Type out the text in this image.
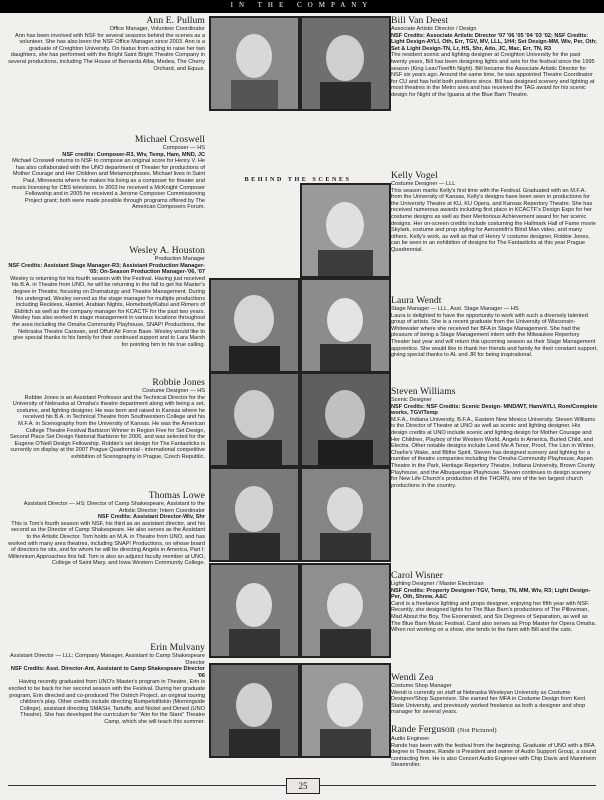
IN THE COMPANY
Ann E. Pullum
Office Manager, Volunteer Coordinator
Ann has been involved with NSF for several seasons behind the scenes as a volunteer. She has also been the NSF Office Manager since 2003. Ann is a graduate of Creighton University. On hiatus from acting to raise her two daughters, she has performed with the Bright Saint Bright Theatre Company in several productions, including The House of Bernarda Alba, Medea, The Cherry Orchard, and Equus.
Michael Croswell
Composer — HS
NSF credits: Composer-R3, Wiv, Temp, Ham, MND, JC
Michael Croswell returns to NSF to compose an original score for Henry V. He has also collaborated with the UNO department of Theater for productions of Mother Courage and Her Children and Metamorphoses. Michael lives in Saint Paul, Minnesota where he makes his living as a composer for theater and music licensing for CBS television. In 2003 he received a McKnight Composer Fellowship and in 2005 he received a Jerome Composer Commissioning Project grant; both were made possible through programs offered by The American Composers Forum.
Wesley A. Houston
Production Manager
NSF Credits: Assistant Stage Manager-R3; Assistant Production Manager-'05; On-Season Production Manager-'06, '07
Wesley is returning for his fourth season with the Festival. Having just received his B.A. in Theatre from UNO, he will be returning in the fall to get his Master's degree in Theatre, focusing on Dramaturgy and Theatre Management. During his undergrad, Wesley served as the stage manager for multiple productions including Reckless, Hamlet, Arabian Nights, Homebody/Kabul and Rimers of Eldritch as well as the company manager for KCACTF for the past two years. Wesley has also worked in stage management in various locations throughout the area including the Omaha Community Playhouse, SNAP! Productions, the Nebraska Theatre Caravan, and Offutt Air Force Base. Wesley would like to give special thanks to his family for their continued support and to Lara Marsh for pointing him to his true calling.
Robbie Jones
Costume Designer — HS
Robbie Jones is an Assistant Professor and the Technical Director for the University of Nebraska at Omaha's theatre department along with being a set, costume, and lighting designer. He was born and raised in Kansas where he received his B.A. in Technical Theatre from Southwestern College and his M.F.A. in Scenography from the University of Kansas. He was the American College Theatre Festival Barbizon Winner in Region Five for Set Design, Second Place Set Design National Barbizon for 2006, and was selected for the Eugene O'Neill Design Fellowship. Robbie's set design for The Fantasticks is currently on display at the 2007 Prague Quadrennial - international competitive exhibition of Scenography in Prague, Czech Republic.
Thomas Lowe
Assistant Director — HS; Director of Camp Shakespeare, Assistant to the Artistic Director; Intern Coordinator
NSF Credits: Assistant Director-Wiv, Shr
This is Tom's fourth season with NSF, his third as an assistant director, and his second as the Director of Camp Shakespeare. He also serves as the Assistant to the Artistic Director. Tom holds an M.A. in Theatre from UNO, and has worked with many area theatres, including SNAP! Productions, on whose board of directors he sits, and for whom he will be directing Angels in America, Part I: Millennium Approaches this fall. Tom is also an adjunct faculty member at UNO, College of Saint Mary, and Iowa Western Community College.
Erin Mulvany
Assistant Director — LLL; Company Manager, Assistant to Camp Shakespeare Director
NSF Credits: Asst. Director-Ant, Assistant to Camp Shakespeare Director '06
Having recently graduated from UNO's Master's program in Theatre, Erin is excited to be back for her second season with the Festival. During her graduate program, Erin directed and co-produced The Ostrich Project, an original touring children's play. Other credits include directing Rumpelstiltskin (Morningside College), assistant directing SMASH, Tartuffe, and Nickel and Dimed (UNO Theatre). She has developed the curriculum for "Aim for the Stars" Theatre Camp, which she will teach this summer.
Bill Van Deest
Associate Artistic Director / Design
NSF Credits: Associate Artistic Director '07 '06 '05 '04 '03 '02; NSF Credits: Light Design-AYLI, Oth, Err, TGV, MV, LLL, 1H4; Set Design-MM, Wiv, Per, Oth; Set & Light Design-TN, Lr, HS, Shr, Ado, JC, Mac, Err, TN, R3
The resident scenic and lighting designer at Creighton University for the past twenty years, Bill has been designing lights and sets for the festival since the 1995 season (King Lear/Twelfth Night). Bill became the Associate Artistic Director for NSF six years ago. Around the same time, he was appointed Theatre Coordinator for CU and has held both positions since. Bill has designed scenery and lighting at most theatres in the Metro area and has received the TAG award for his scenic design for Night of the Iguana at the Blue Barn Theatre.
Kelly Vogel
Costume Designer — LLL
This season marks Kelly's first time with the Festival. Graduated with an M.F.A. from the University of Kansas, Kelly's designs have been seen in productions for the University Theatre at KU, KU Opera, and Kansas Repertory Theatre. She has received numerous awards including first place in KCACTF's Design Expo for her costume designs as well as their Meritorious Achievement award for her scenic designs. Her on-screen credits include costuming the Hallmark Hall of Fame movie Skylark, costume and prop styling for Aerosmith's Blind Man video, and many others. Kelly's work, as well as that of Henry V costume designer, Robbie Jones, can be seen in an exhibition of designs for The Fantasticks at this year Prague Quadrennial.
Laura Wendt
Stage Manager — LLL, Asst. Stage Manager — HS
Laura is delighted to have the opportunity to work with such a diversely talented group of artists. She is a recent graduate from the University of Wisconsin-Whitewater where she received her BFA in Stage Management. She had the pleasure of being a Stage Management intern with the Milwaukee Repertory Theater last year and will return this upcoming season as their Stage Management apprentice. She would like to thank her friends and family for their constant support, giving special thanks to AL and JR for being inspirational.
Steven Williams
Scenic Designer
NSF Credits: NSF Credits: Scenic Design- MND/WT, Ham/AYLI, Rom/Complete works, TGV/Temp
M.F.A., Indiana University, B.F.A., Eastern New Mexico University. Steven Williams is the Director of Theatre at UNO as well as scenic and lighting designer. His design credits at UNO include scenic and lighting design for Mother Courage and Her Children, Playboy of the Western World, Angels in America, Buried Child, and Electra. Other notable designs include Lend Me A Tenor, Proof, The Lion in Winter, Charlie's Wake, and Blithe Spirit. Steven has designed scenery and lighting for a number of theatre companies including the Omaha Community Playhouse, Aspen Theatre in the Park, Heritage Repertory Theatre, Indiana University, Brown County Playhouse, and the Albuquerque Playhouse. Steven continues to design scenery for New Life Church's production of the THORN, one of the ten largest church productions in the country.
Carol Wisner
Lighting Designer / Master Electrician
NSF Credits: Property Designer-TGV, Temp, TN, MM, Wiv, R3; Light Design-Per, Oth, Shrew, A&C
Carol is a freelance lighting and props designer, enjoying her fifth year with NSF. Recently, she designed lights for The Blue Barn's productions of The Pillowman, Mad About the Boy, The Exonerated, and Six Degrees of Separation, as well as The Blue Barn Music Festival. Carol also serves as Prop Master for Opera Omaha. When not working on a show, she tends to the farm with Bill and the cats.
Wendi Zea
Costume Shop Manager
Wendi is currently on staff at Nebraska Wesleyan University as Costume Designer/Shop Supervisor. She earned her MFA in Costume Design from Kent State University, and previously worked freelance as both a designer and shop manager for several years.
Rande Ferguson (Not Pictured)
Audio Engineer
Rande has been with the festival from the beginning. Graduate of UNO with a BFA degree in Theatre, Rande is President and owner of Audio Support Group, a sound contracting firm. He is also Concert Audio Engineer with Chip Davis and Mannheim Steamroller.
BEHIND THE SCENES
25
